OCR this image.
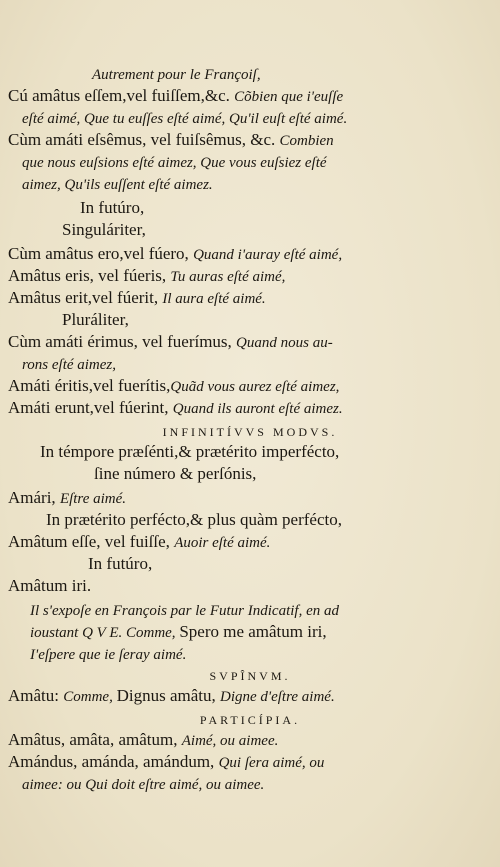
Autrement pour le Françoiſ,
Cú amâtus eſſem,vel fuiſſem,&c. Cõbien que i'euſſe
eſté aimé, Que tu euſſes eſté aimé, Qu'il euſt eſté aimé.
Cùm amáti eſsêmus, vel fuiſsêmus, &c. Combien
que nous euſsions eſté aimez, Que vous euſsiez eſté
aimez, Qu'ils euſſent eſté aimez.
In futúro,
Singuláriter,
Cùm amâtus ero,vel fúero, Quand i'auray eſté aimé,
Amâtus eris, vel fúeris, Tu auras eſté aimé,
Amâtus erit,vel fúerit, Il aura eſté aimé.
Pluráliter,
Cùm amáti érimus, vel fuerímus, Quand nous au-
rons eſté aimez,
Amáti éritis,vel fuerítis,Quãd vous aurez eſté aimez,
Amáti erunt,vel fúerint, Quand ils auront eſté aimez.
INFINITÍVVS MODVS.
In témpore præſénti,& prætérito imperfécto,
ſine número & perſónis,
Amári, Eſtre aimé.
In prætérito perfécto,& plus quàm perfécto,
Amâtum eſſe, vel fuiſſe, Auoir eſté aimé.
In futúro,
Amâtum iri.
Il s'expoſe en François par le Futur Indicatif, en ad
ioustant Q V E. Comme, Spero me amâtum iri,
I'eſpere que ie ſeray aimé.
SVPÎNVM.
Amâtu: Comme, Dignus amâtu, Digne d'eſtre aimé.
PARTICÍPIA.
Amâtus, amâta, amâtum, Aimé, ou aimee.
Amándus, amánda, amándum, Qui ſera aimé, ou
aimee: ou Qui doit eſtre aimé, ou aimee.
